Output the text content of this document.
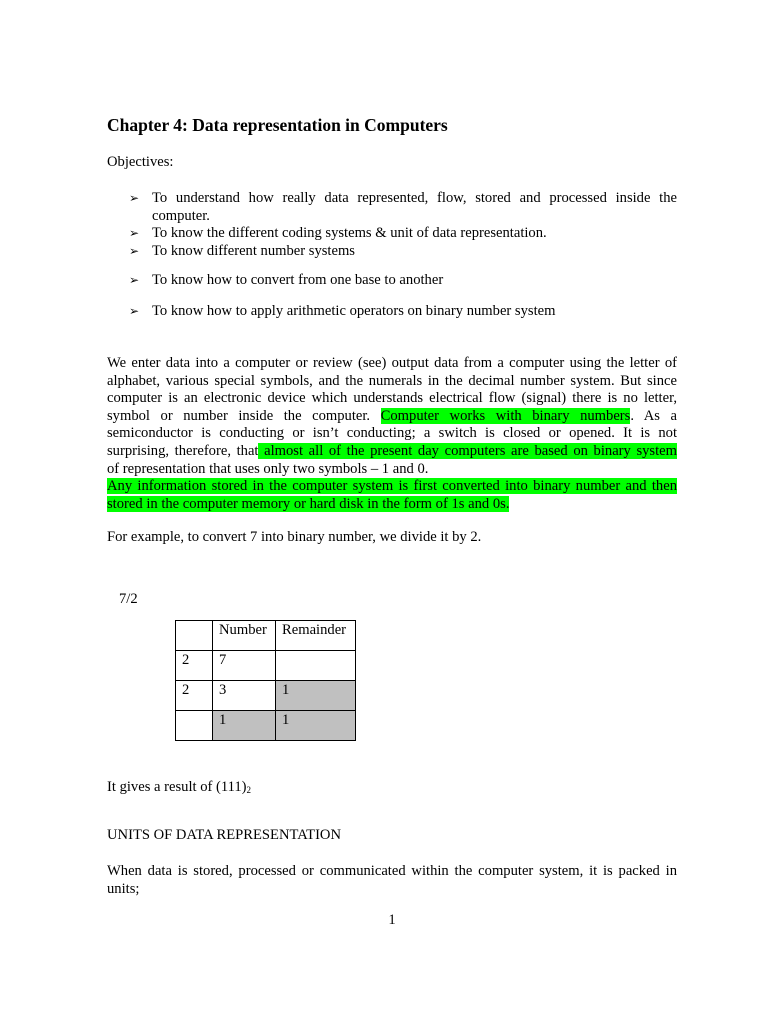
Chapter 4: Data representation in Computers
Objectives:
➢ To understand how really data represented, flow, stored and processed inside the computer.
➢ To know the different coding systems & unit of data representation.
➢ To know different number systems
➢ To know how to convert from one base to another
➢ To know how to apply arithmetic operators on binary number system
We enter data into a computer or review (see) output data from a computer using the letter of
alphabet, various special symbols, and the numerals in the decimal number system. But since
computer is an electronic device which understands electrical flow (signal) there is no letter,
symbol or number inside the computer. Computer works with binary numbers. As a
semiconductor is conducting or isn’t conducting; a switch is closed or opened. It is not
surprising, therefore, that almost all of the present day computers are based on binary system
of representation that uses only two symbols – 1 and 0.
Any information stored in the computer system is first converted into binary number and then
stored in the computer memory or hard disk in the form of 1s and 0s.
For example, to convert 7 into binary number, we divide it by 2.
7/2
	Number	Remainder
2	7	
2	3	1
	1	1
It gives a result of $(111)_2$
UNITS OF DATA REPRESENTATION
When data is stored, processed or communicated within the computer system, it is packed in
units;
1
